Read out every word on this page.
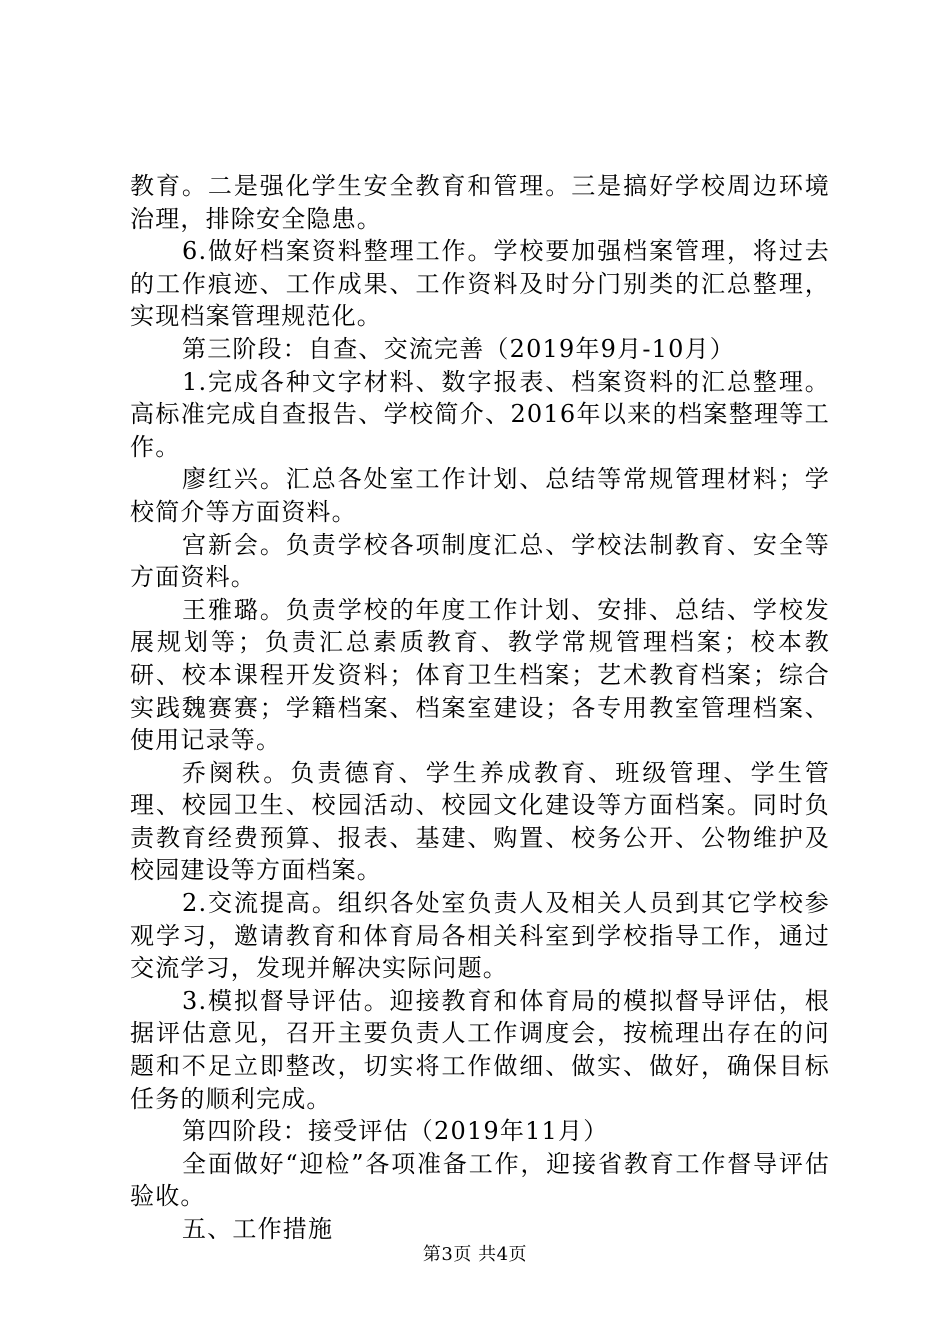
教育。二是强化学生安全教育和管理。三是搞好学校周边环境治理，排除安全隐患。

6.做好档案资料整理工作。学校要加强档案管理，将过去的工作痕迹、工作成果、工作资料及时分门别类的汇总整理，实现档案管理规范化。

第三阶段：自查、交流完善（2019年9月-10月）

1.完成各种文字材料、数字报表、档案资料的汇总整理。高标准完成自查报告、学校简介、2016年以来的档案整理等工作。

廖红兴。汇总各处室工作计划、总结等常规管理材料；学校简介等方面资料。

宫新会。负责学校各项制度汇总、学校法制教育、安全等方面资料。

王雅璐。负责学校的年度工作计划、安排、总结、学校发展规划等；负责汇总素质教育、教学常规管理档案；校本教研、校本课程开发资料；体育卫生档案；艺术教育档案；综合实践魏赛赛；学籍档案、档案室建设；各专用教室管理档案、使用记录等。

乔阕秩。负责德育、学生养成教育、班级管理、学生管理、校园卫生、校园活动、校园文化建设等方面档案。同时负责教育经费预算、报表、基建、购置、校务公开、公物维护及校园建设等方面档案。

2.交流提高。组织各处室负责人及相关人员到其它学校参观学习，邀请教育和体育局各相关科室到学校指导工作，通过交流学习，发现并解决实际问题。

3.模拟督导评估。迎接教育和体育局的模拟督导评估，根据评估意见，召开主要负责人工作调度会，按梳理出存在的问题和不足立即整改，切实将工作做细、做实、做好，确保目标任务的顺利完成。

第四阶段：接受评估（2019年11月）

全面做好“迎检”各项准备工作，迎接省教育工作督导评估验收。

五、工作措施

第3页 共4页
